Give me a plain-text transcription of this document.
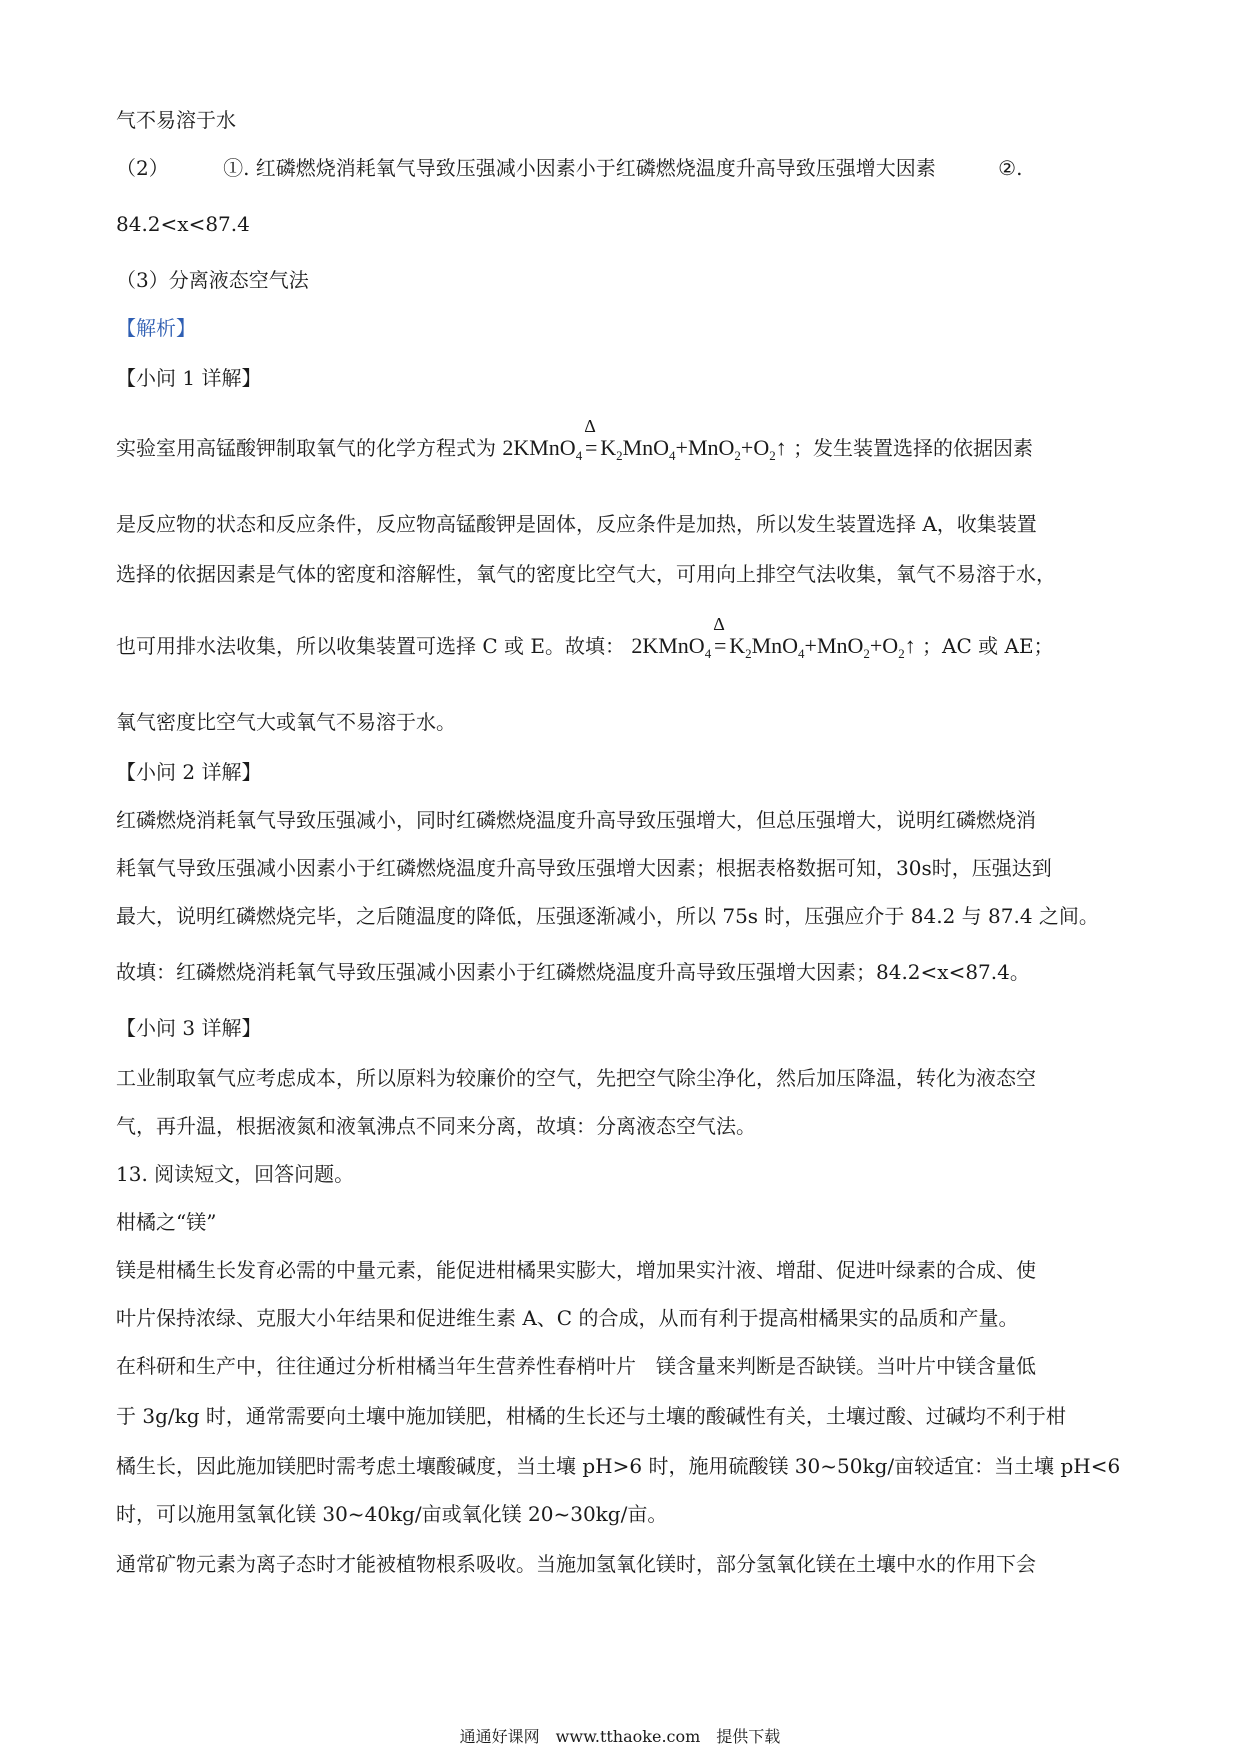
气不易溶于水
（2）	①. 红磷燃烧消耗氧气导致压强减小因素小于红磷燃烧温度升高导致压强增大因素	②.
84.2<x<87.4
（3）分离液态空气法
【解析】
【小问 1 详解】
实验室用高锰酸钾制取氧气的化学方程式为 2KMnO$_4$
Δ
= $K_2MnO_4+MnO_2+O_2↑$ ；发生装置选择的依据因素
是反应物的状态和反应条件，反应物高锰酸钾是固体，反应条件是加热，所以发生装置选择 A，收集装置
选择的依据因素是气体的密度和溶解性，氧气的密度比空气大，可用向上排空气法收集，氧气不易溶于水，
也可用排水法收集，所以收集装置可选择 C 或 E。故填： 2KMnO$_4$
Δ
= $K_2MnO_4+MnO_2+O_2↑$ ；AC 或 AE；
氧气密度比空气大或氧气不易溶于水。
【小问 2 详解】
红磷燃烧消耗氧气导致压强减小，同时红磷燃烧温度升高导致压强增大，但总压强增大，说明红磷燃烧消
耗氧气导致压强减小因素小于红磷燃烧温度升高导致压强增大因素；根据表格数据可知，30s时，压强达到
最大，说明红磷燃烧完毕，之后随温度的降低，压强逐渐减小，所以 75s 时，压强应介于 84.2 与 87.4 之间。
故填：红磷燃烧消耗氧气导致压强减小因素小于红磷燃烧温度升高导致压强增大因素；84.2<x<87.4。
【小问 3 详解】
工业制取氧气应考虑成本，所以原料为较廉价的空气，先把空气除尘净化，然后加压降温，转化为液态空
气，再升温，根据液氮和液氧沸点不同来分离，故填：分离液态空气法。
13. 阅读短文，回答问题。
柑橘之“镁”
镁是柑橘生长发育必需的中量元素，能促进柑橘果实膨大，增加果实汁液、增甜、促进叶绿素的合成、使
叶片保持浓绿、克服大小年结果和促进维生素 A、C 的合成，从而有利于提高柑橘果实的品质和产量。
在科研和生产中，往往通过分析柑橘当年生营养性春梢叶片　镁含量来判断是否缺镁。当叶片中镁含量低
于 3g/kg 时，通常需要向土壤中施加镁肥，柑橘的生长还与土壤的酸碱性有关，土壤过酸、过碱均不利于柑
橘生长，因此施加镁肥时需考虑土壤酸碱度，当土壤 pH>6 时，施用硫酸镁 30~50kg/亩较适宜：当土壤 pH<6
时，可以施用氢氧化镁 30~40kg/亩或氧化镁 20~30kg/亩。
通常矿物元素为离子态时才能被植物根系吸收。当施加氢氧化镁时，部分氢氧化镁在土壤中水的作用下会
通通好课网　www.tthaoke.com　提供下载
